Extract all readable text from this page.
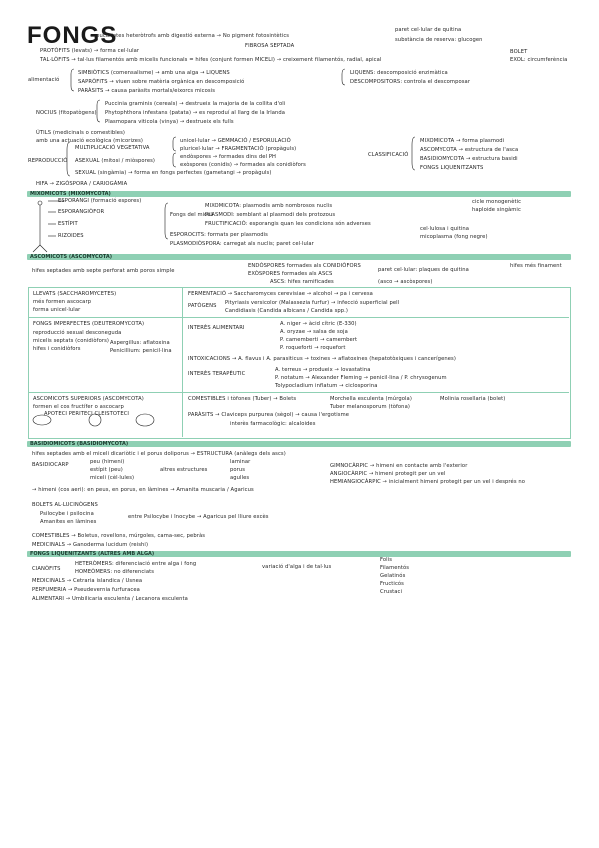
FONGS
→ eucariotes heteròtrofs amb digestió externa → No pigment fotosintètics
paret cel·lular de quitina
substància de reserva: glucogen
PROTÒFITS (levats) → forma cel·lular
FIBROSA SEPTADA
TAL·LÒFITS → tal·lus filamentós amb micelis funcionals = hifes (conjunt formen MICELI) → creixement filamentós, radial, apical
BOLET
EXOL: circumferència
alimentació
SIMBIÒTICS (comensalisme) → amb una alga → LIQUENS
SAPRÒFITS → viuen sobre matèria orgànica en descomposició
PARÀSITS → causa paràsits mortals/eixorcs micosis
LIQUENS: descomposició enzimàtica
DESCOMPOSITORS: controla el descomposar
NOCIUS (fitopatògens)
Puccinia graminis (cereals) → destrueix la majoria de la collita d'oli
Phytophthora infestans (patata) → es reproduí al llarg de la Irlanda
Plasmopara viticola (vinya) → destrueix els fulls
ÚTILS (medicinals o comestibles)
amb una actuació ecològica (micorizes)
REPRODUCCIÓ
MULTIPLICACIÓ VEGETATIVA
unicel·lular → GEMMACIÓ / ESPORULACIÓ
pluricel·lular → FRAGMENTACIÓ (propàguls)
ASEXUAL (mitosi / miòspores)
endòspores → formades dins del PH
exòspores (conidis) → formades als conidiòfors
SEXUAL (singàmia) → forma en fongs perfectes (gametangi → propàguls)
HIFA → ZIGÒSPORA / CARIOGÀMIA
CLASSIFICACIÓ
MIXOMICOTA → forma plasmodi
ASCOMYCOTA → estructura de l'asca
BASIDIOMYCOTA → estructura basidi
FONGS LIQUENITZANTS
MIXOMICOTS (MIXOMYCOTA)
ESPORANGI (formació espores)
ESPORANGIÒFOR
ESTÍPIT
RIZOIDES
Fongs del miceli
MIXOMICOTA: plasmodis amb nombrosos nuclis
PLASMODI: semblant al plasmodi dels protozous
FRUCTIFICACIÓ: esporangis quan les condicions són adverses
ESPOROCITS: formats per plasmodis
PLASMODIÒSPORA: carregat als nuclis; paret cel·lular
cicle monogenètic
haploide singàmic
cel·lulosa i quitina
micoplasma (fong negre)
ASCOMICOTS (ASCOMYCOTA)
hifes septades amb septe perforat amb poros simple
ENDÒSPORES formades als CONIDIÒFORS
EXÒSPORES formades als ASCS
ASCS: hifes ramificades
paret cel·lular: plaques de quitina
hifes més finament
(asco → ascòspores)
LLEVATS (SACCHAROMYCETES)
més formen ascocarp
forma unicel·lular
FERMENTACIÓ → Saccharomyces cerevisiae → alcohol → pa i cervesa
PATÒGENS Pityriasis versicolor (Malassezia furfur) → infecció superficial pell
Candidiasis (Candida albicans / Candida spp.)
FONGS IMPERFECTES (DEUTEROMYCOTA)
reproducció sexual desconeguda
micelis septats (conidiòfors)
hifes i conidiòfors
Aspergillus: aflatoxina
Penicillium: penicil·lina
INTERÈS ALIMENTARI
A. niger → àcid cítric (E-330)
A. oryzae → salsa de soja
P. camemberti → camembert
P. roqueforti → roquefort
INTOXICACIONS → A. flavus i A. parasiticus → toxines → aflatoxines (hepatotòxiques i cancerígenes)
INTERÈS TERAPÈUTIC
A. terreus → produeix → lovastatina
P. notatum → Alexander Fleming → penicil·lina / P. chrysogenum
Tolypocladium inflatum → ciclosporina
ASCOMICOTS SUPERIORS (ASCOMYCOTA)
formen el cos fructífer o ascocarp
APOTECI PERITECI CLEISTOTECI
COMESTIBLES i tòfones (Tuber) → Bolets	Morchella esculenta (múrgola)
Tuber melanosporum (tòfona)
PARÀSITS → Claviceps purpurea (sègol) → causa l'ergotisme
interès farmacològic: alcaloides
Molinia rosellaria (bolet)
BASIDIOMICOTS (BASIDIOMYCOTA)
hifes septades amb el miceli dicariòtic i el porus doliporus → ESTRUCTURA (anàlegs dels ascs)
BASIDIOCARP	peu (himeni)
estípit (peu)
miceli (cèl·lules)
altres estructures
laminar
porus
agulles
GIMNOCÀRPIC → himeni en contacte amb l'exterior
ANGIOCÀRPIC → himeni protegit per un vel
HEMIANGIOCÀRPIC → inicialment himeni protegit per un vel i després no
→ himeni (cos aeri): en peus, en porus, en làmines → Amanita muscaria / Agaricus
BOLETS AL·LUCINÒGENS
Psilocybe i psilocina
Amanites en làmines
entre Psilocybe i Inocybe → Agaricus pel lliure excès
COMESTIBLES → Boletus, rovellons, múrgoles, cama-sec, pebràs
MEDICINALS → Ganoderma lucidum (reishi)
FONGS LIQUENITZANTS (ALTRES AMB ALGA)
CIANÒFITS
HETERÒMERS: diferenciació entre alga i fong
HOMEÒMERS: no diferenciats
variació d'alga i de tal·lus
MEDICINALS → Cetraria islandica / Usnea
PERFUMERIA → Pseudevernia furfuracea
ALIMENTARI → Umbilicaria esculenta / Lecanora esculenta
Folis
Filamentós
Gelatinós
Fructicós
Crustaci
